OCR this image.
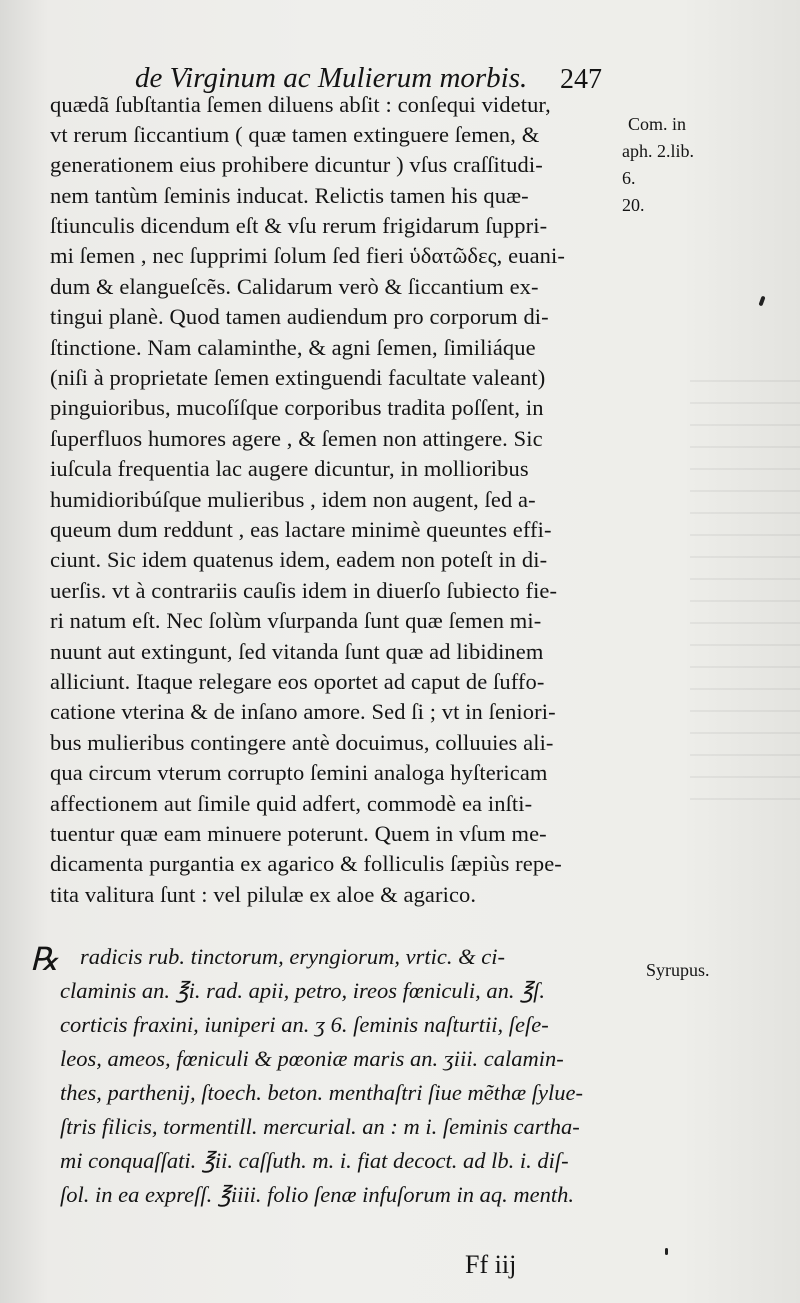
de Virginum ac Mulierum morbis.	247
Com. in
aph. 2.lib.
6.
20.
Syrupus.
quædã ſubſtantia ſemen diluens abſit : conſequi videtur,
vt rerum ſiccantium ( quæ tamen extinguere ſemen, &
generationem eius prohibere dicuntur ) vſus craſſitudi-
nem tantùm ſeminis inducat. Relictis tamen his quæ-
ſtiunculis dicendum eſt & vſu rerum frigidarum ſuppri-
mi ſemen , nec ſupprimi ſolum ſed fieri ὑδατῶδες, euani-
dum & elangueſcẽs. Calidarum verò & ſiccantium ex-
tingui planè. Quod tamen audiendum pro corporum di-
ſtinctione. Nam calaminthe, & agni ſemen, ſimiliáque
(niſi à proprietate ſemen extinguendi facultate valeant)
pinguioribus, mucoſíſque corporibus tradita poſſent, in
ſuperfluos humores agere , & ſemen non attingere. Sic
iuſcula frequentia lac augere dicuntur, in mollioribus
humidioribúſque mulieribus , idem non augent, ſed a-
queum dum reddunt , eas lactare minimè queuntes effi-
ciunt. Sic idem quatenus idem, eadem non poteſt in di-
uerſis. vt à contrariis cauſis idem in diuerſo ſubiecto fie-
ri natum eſt. Nec ſolùm vſurpanda ſunt quæ ſemen mi-
nuunt aut extingunt, ſed vitanda ſunt quæ ad libidinem
alliciunt. Itaque relegare eos oportet ad caput de ſuffo-
catione vterina & de inſano amore. Sed ſi ; vt in ſeniori-
bus mulieribus contingere antè docuimus, colluuies ali-
qua circum vterum corrupto ſemini analoga hyſtericam
affectionem aut ſimile quid adfert, commodè ea inſti-
tuentur quæ eam minuere poterunt. Quem in vſum me-
dicamenta purgantia ex agarico & folliculis ſæpiùs repe-
tita valitura ſunt : vel pilulæ ex aloe & agarico.
℞ radicis rub. tinctorum, eryngiorum, vrtic. & ci-
claminis an. ℥i. rad. apii, petro, ireos fœniculi, an. ℥ſ.
corticis fraxini, iuniperi an. ʒ 6. ſeminis naſturtii, ſeſe-
leos, ameos, fœniculi & pœoniæ maris an. ʒiii. calamin-
thes, parthenij, ſtoech. beton. menthaſtri ſiue mẽthæ ſylue-
ſtris filicis, tormentill. mercurial. an : m i. ſeminis cartha-
mi conquaſſati. ℥ii. caſſuth. m. i. fiat decoct. ad lb. i. diſ-
ſol. in ea expreſſ. ℥iiii. folio ſenæ infuſorum in aq. menth.
Ff iij
